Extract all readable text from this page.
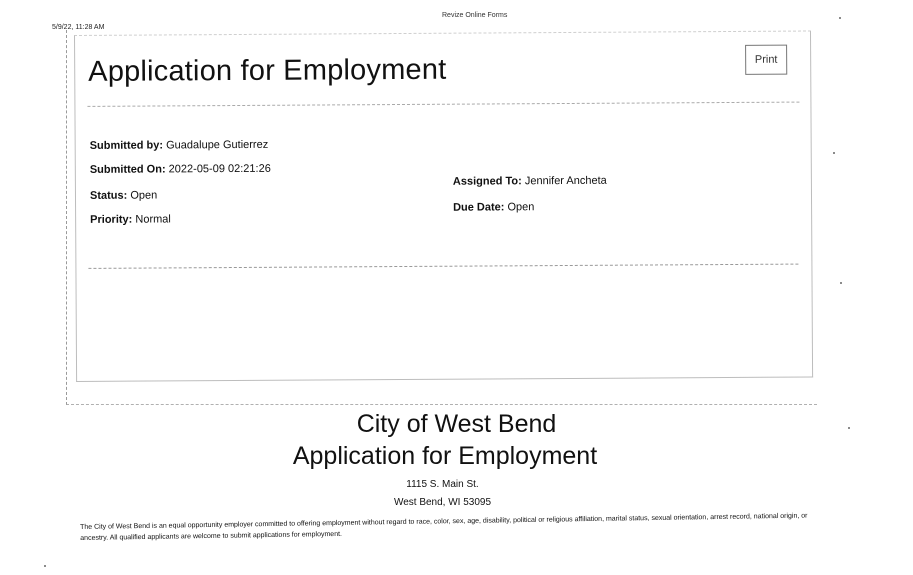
5/9/22, 11:28 AM
Revize Online Forms
Application for Employment	Print
Submitted by: Guadalupe Gutierrez
Submitted On: 2022-05-09 02:21:26
Status: Open
Priority: Normal
Assigned To: Jennifer Ancheta
Due Date: Open
City of West Bend
Application for Employment
1115 S. Main St.
West Bend, WI 53095
The City of West Bend is an equal opportunity employer committed to offering employment without regard to race, color, sex, age, disability, political or religious affiliation, marital status, sexual orientation, arrest record, national origin, or ancestry. All qualified applicants are welcome to submit applications for employment.
